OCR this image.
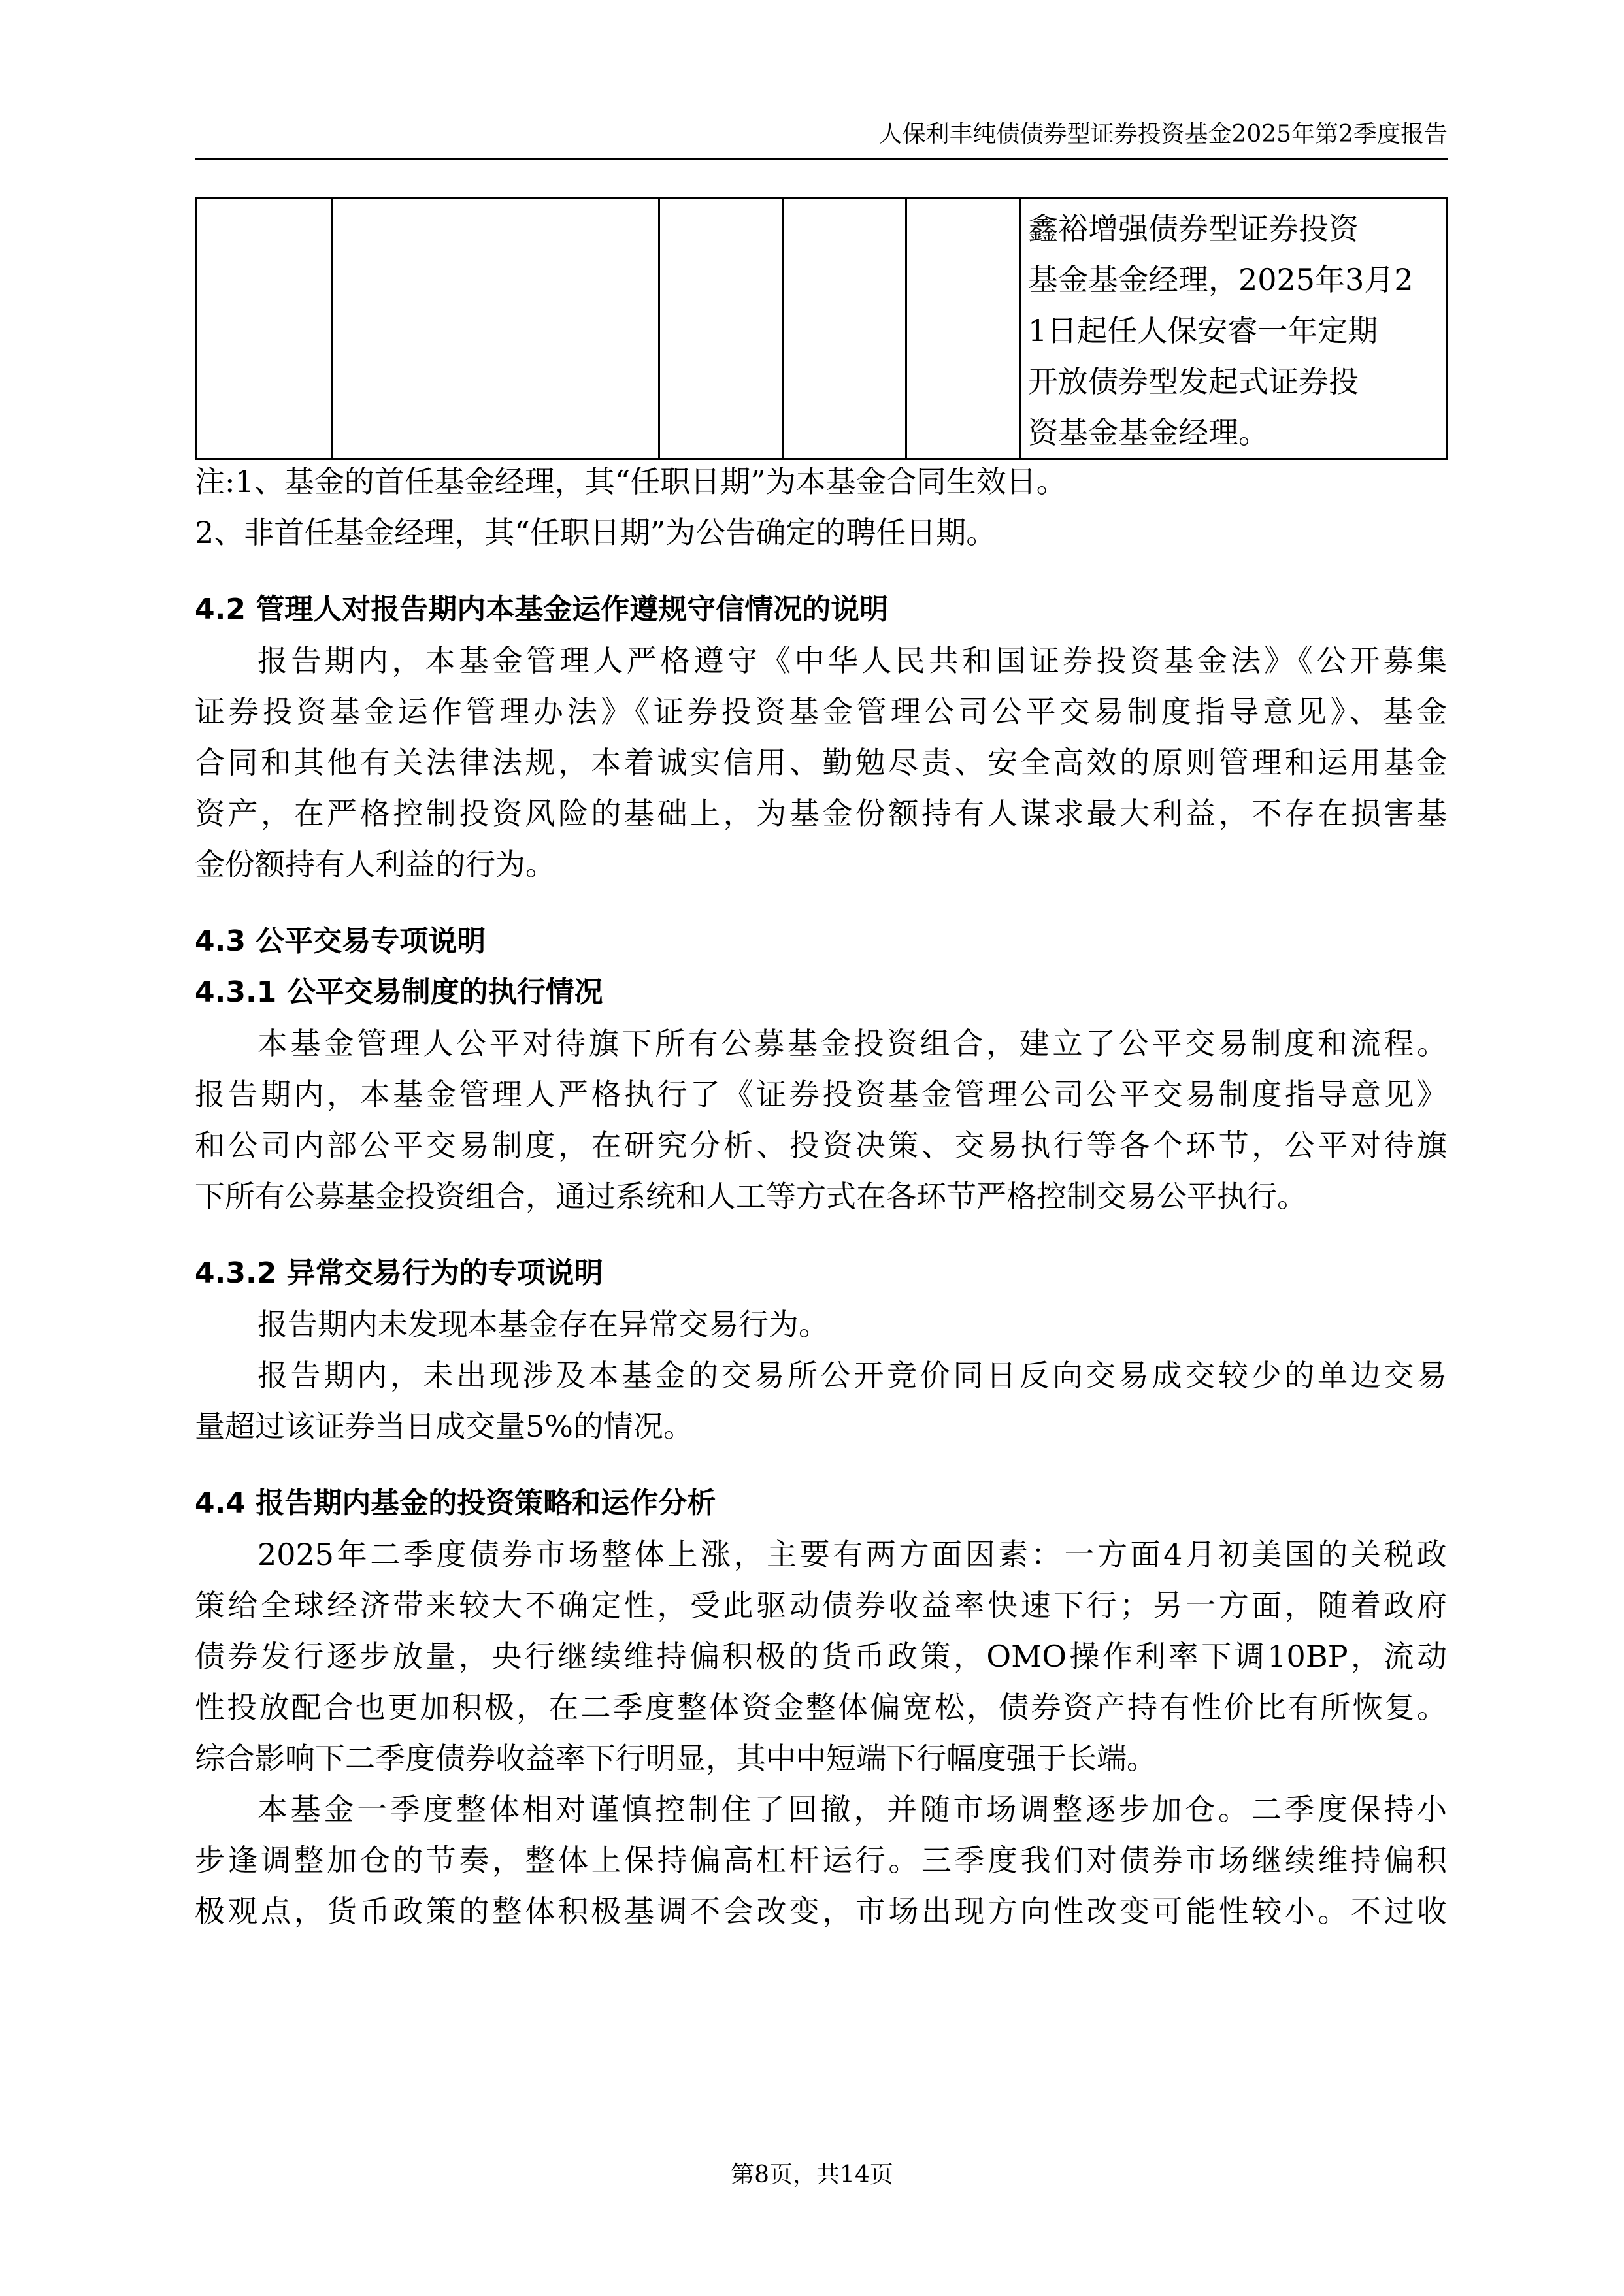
人保利丰纯债债券型证券投资基金2025年第2季度报告

鑫裕增强债券型证券投资
基金基金经理，2025年3月2
1日起任人保安睿一年定期
开放债券型发起式证券投
资基金基金经理。
注:1、基金的首任基金经理，其“任职日期”为本基金合同生效日。
2、非首任基金经理，其“任职日期”为公告确定的聘任日期。
4.2 管理人对报告期内本基金运作遵规守信情况的说明
报告期内，本基金管理人严格遵守《中华人民共和国证券投资基金法》《公开募集
证券投资基金运作管理办法》《证券投资基金管理公司公平交易制度指导意见》、基金
合同和其他有关法律法规，本着诚实信用、勤勉尽责、安全高效的原则管理和运用基金
资产，在严格控制投资风险的基础上，为基金份额持有人谋求最大利益，不存在损害基
金份额持有人利益的行为。
4.3 公平交易专项说明
4.3.1 公平交易制度的执行情况
本基金管理人公平对待旗下所有公募基金投资组合，建立了公平交易制度和流程。
报告期内，本基金管理人严格执行了《证券投资基金管理公司公平交易制度指导意见》
和公司内部公平交易制度，在研究分析、投资决策、交易执行等各个环节，公平对待旗
下所有公募基金投资组合，通过系统和人工等方式在各环节严格控制交易公平执行。
4.3.2 异常交易行为的专项说明
报告期内未发现本基金存在异常交易行为。
报告期内，未出现涉及本基金的交易所公开竞价同日反向交易成交较少的单边交易
量超过该证券当日成交量5%的情况。
4.4 报告期内基金的投资策略和运作分析
2025年二季度债券市场整体上涨，主要有两方面因素：一方面4月初美国的关税政
策给全球经济带来较大不确定性，受此驱动债券收益率快速下行；另一方面，随着政府
债券发行逐步放量，央行继续维持偏积极的货币政策，OMO操作利率下调10BP，流动
性投放配合也更加积极，在二季度整体资金整体偏宽松，债券资产持有性价比有所恢复。
综合影响下二季度债券收益率下行明显，其中中短端下行幅度强于长端。
本基金一季度整体相对谨慎控制住了回撤，并随市场调整逐步加仓。二季度保持小
步逢调整加仓的节奏，整体上保持偏高杠杆运行。三季度我们对债券市场继续维持偏积
极观点，货币政策的整体积极基调不会改变，市场出现方向性改变可能性较小。不过收
第8页，共14页
